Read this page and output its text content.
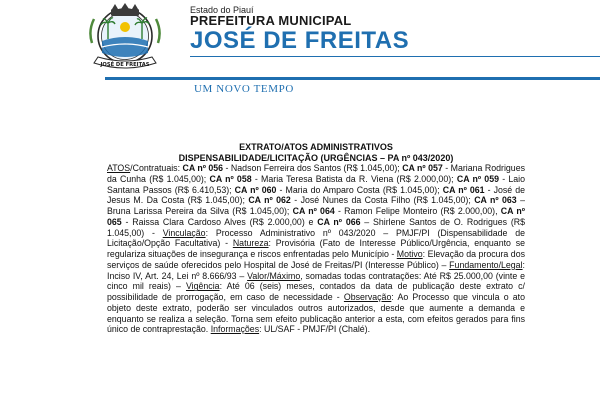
JOSÉ DE FREITAS
Estado do Piauí
PREFEITURA MUNICIPAL
JOSÉ DE FREITAS
UM NOVO TEMPO
EXTRATO/ATOS ADMINISTRATIVOS
DISPENSABILIDADE/LICITAÇÃO (URGÊNCIAS – PA nº 043/2020)

ATOS/Contratuais: CA nº 056 - Nadson Ferreira dos Santos (R$ 1.045,00); CA nº 057 - Mariana Rodrigues da Cunha (R$ 1.045,00); CA nº 058 - Maria Teresa Batista da R. Viena (R$ 2.000,00); CA nº 059 - Laio Santana Passos (R$ 6.410,53); CA nº 060 - Maria do Amparo Costa (R$ 1.045,00); CA nº 061 - José de Jesus M. Da Costa (R$ 1.045,00); CA nº 062 - José Nunes da Costa Filho (R$ 1.045,00); CA nº 063 – Bruna Larissa Pereira da Silva (R$ 1.045,00); CA nº 064 - Ramon Felipe Monteiro (R$ 2.000,00), CA nº 065 - Raissa Clara Cardoso Alves (R$ 2.000,00) e CA nº 066 – Shirlene Santos de O. Rodrigues (R$ 1.045,00) - Vinculação: Processo Administrativo nº 043/2020 – PMJF/PI (Dispensabilidade de Licitação/Opção Facultativa) - Natureza: Provisória (Fato de Interesse Público/Urgência, enquanto se regulariza situações de insegurança e riscos enfrentadas pelo Município - Motivo: Elevação da procura dos serviços de saúde oferecidos pelo Hospital de José de Freitas/PI (Interesse Público) – Fundamento/Legal: Inciso IV, Art. 24, Lei nº 8.666/93 – Valor/Máximo, somadas todas contratações: Até R$ 25.000,00 (vinte e cinco mil reais) – Vigência: Até 06 (seis) meses, contados da data de publicação deste extrato c/ possibilidade de prorrogação, em caso de necessidade - Observação: Ao Processo que vincula o ato objeto deste extrato, poderão ser vinculados outros autorizados, desde que aumente a demanda e enquanto se realiza a seleção. Torna sem efeito publicação anterior a esta, com efeitos gerados para fins único de contraprestação. Informações: UL/SAF - PMJF/PI (Chalé).
